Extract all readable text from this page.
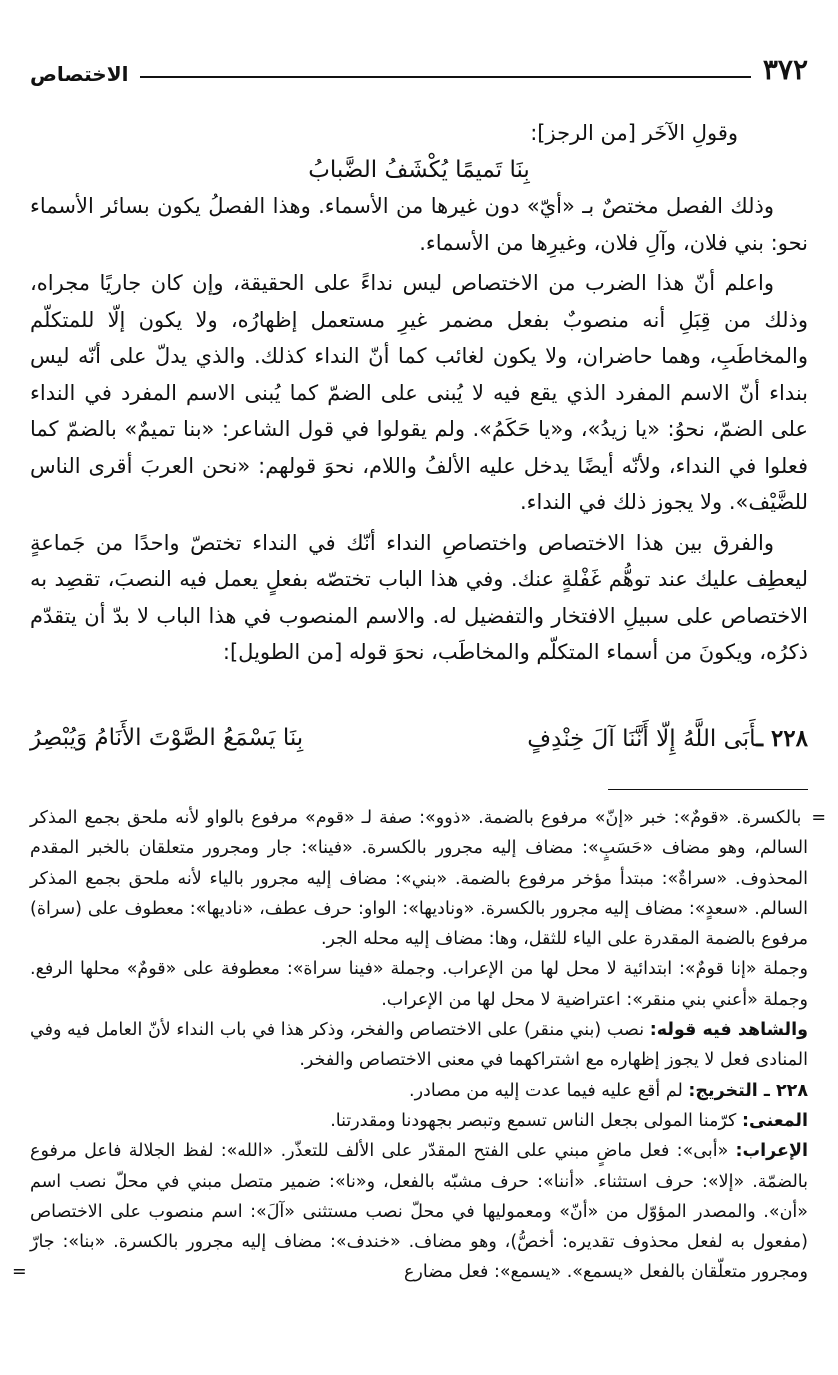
٣٧٢
الاختصاص

وقولِ الآخَر [من الرجز]:

بِنَا تَميمًا يُكْشَفُ الضَّبابُ

وذلك الفصل مختصٌ بـ «أيّ» دون غيرها من الأسماء. وهذا الفصلُ يكون بسائر الأسماء نحو: بني فلان، وآلِ فلان، وغيرِها من الأسماء.

واعلم أنّ هذا الضرب من الاختصاص ليس نداءً على الحقيقة، وإن كان جاريًا مجراه، وذلك من قِبَلِ أنه منصوبٌ بفعل مضمر غيرِ مستعمل إظهارُه، ولا يكون إلّا للمتكلّم والمخاطَبِ، وهما حاضران، ولا يكون لغائب كما أنّ النداء كذلك. والذي يدلّ على أنّه ليس بنداء أنّ الاسم المفرد الذي يقع فيه لا يُبنى على الضمّ كما يُبنى الاسم المفرد في النداء على الضمّ، نحوُ: «يا زيدُ»، و«يا حَكَمُ». ولم يقولوا في قول الشاعر: «بنا تميمٌ» بالضمّ كما فعلوا في النداء، ولأنّه أيضًا يدخل عليه الألفُ واللام، نحوَ قولهم: «نحن العربَ أقرى الناس للضَّيْف». ولا يجوز ذلك في النداء.

والفرق بين هذا الاختصاص واختصاصِ النداء أنّك في النداء تختصّ واحدًا من جَماعةٍ ليعطِف عليك عند توهُّم غَفْلةٍ عنك. وفي هذا الباب تختصّه بفعلٍ يعمل فيه النصبَ، تقصِد به الاختصاص على سبيلِ الافتخار والتفضيل له. والاسم المنصوب في هذا الباب لا بدّ أن يتقدّم ذكرُه، ويكونَ من أسماء المتكلّم والمخاطَب، نحوَ قوله [من الطويل]:

٢٢٨ ـأَبَى اللَّهُ إِلّا أَنَّنَا آلَ خِنْدِفٍ
بِنَا يَسْمَعُ الصَّوْتَ الأَنَامُ وَيُبْصِرُ

=
بالكسرة. «قومٌ»: خبر «إنّ» مرفوع بالضمة. «ذوو»: صفة لـ «قوم» مرفوع بالواو لأنه ملحق بجمع المذكر السالم، وهو مضاف «حَسَبٍ»: مضاف إليه مجرور بالكسرة. «فينا»: جار ومجرور متعلقان بالخبر المقدم المحذوف. «سراةٌ»: مبتدأ مؤخر مرفوع بالضمة. «بني»: مضاف إليه مجرور بالياء لأنه ملحق بجمع المذكر السالم. «سعدٍ»: مضاف إليه مجرور بالكسرة. «وناديها»: الواو: حرف عطف، «ناديها»: معطوف على (سراة) مرفوع بالضمة المقدرة على الياء للثقل، وها: مضاف إليه محله الجر.

وجملة «إنا قومٌ»: ابتدائية لا محل لها من الإعراب. وجملة «فينا سراة»: معطوفة على «قومٌ» محلها الرفع. وجملة «أعني بني منقر»: اعتراضية لا محل لها من الإعراب.

والشاهد فيه قوله: نصب (بني منقر) على الاختصاص والفخر، وذكر هذا في باب النداء لأنّ العامل فيه وفي المنادى فعل لا يجوز إظهاره مع اشتراكهما في معنى الاختصاص والفخر.

٢٢٨ ـ التخريج: لم أقع عليه فيما عدت إليه من مصادر.

المعنى: كرّمنا المولى بجعل الناس تسمع وتبصر بجهودنا ومقدرتنا.

الإعراب: «أبى»: فعل ماضٍ مبني على الفتح المقدّر على الألف للتعذّر. «الله»: لفظ الجلالة فاعل مرفوع بالضمّة. «إلا»: حرف استثناء. «أننا»: حرف مشبّه بالفعل، و«نا»: ضمير متصل مبني في محلّ نصب اسم «أن». والمصدر المؤوّل من «أنّ» ومعموليها في محلّ نصب مستثنى «آلَ»: اسم منصوب على الاختصاص (مفعول به لفعل محذوف تقديره: أخصُّ)، وهو مضاف. «خندف»: مضاف إليه مجرور بالكسرة. «بنا»: جارّ ومجرور متعلّقان بالفعل «يسمع». «يسمع»: فعل مضارع
=
